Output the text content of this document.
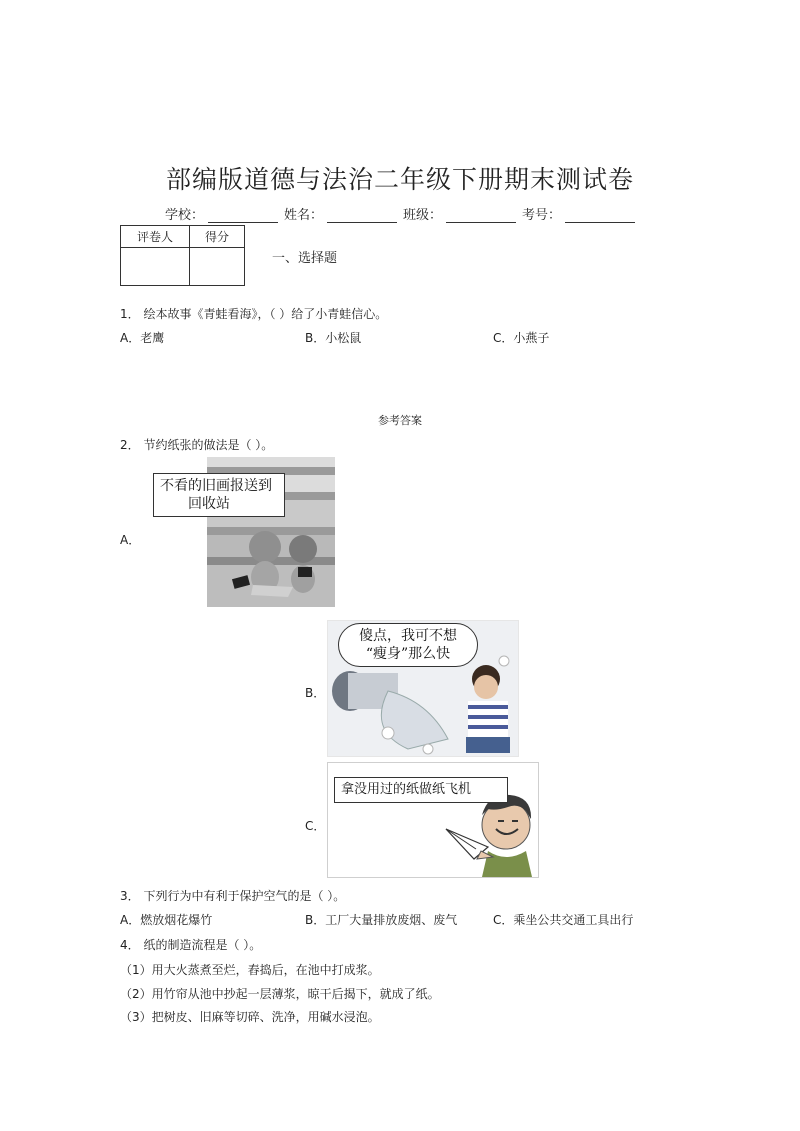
部编版道德与法治二年级下册期末测试卷
学校：	姓名：	班级：	考号：
评卷人	得分

一、选择题
1． 绘本故事《青蛙看海》，（ ）给了小青蛙信心。
A．老鹰	B．小松鼠	C．小燕子
参考答案
2． 节约纸张的做法是（ ）。
A．
不看的旧画报送到
回收站
B．
傻点，我可不想
“瘦身”那么快
C．
拿没用过的纸做纸飞机
3． 下列行为中有利于保护空气的是（ ）。
A．燃放烟花爆竹	B．工厂大量排放废烟、废气	C．乘坐公共交通工具出行
4． 纸的制造流程是（ ）。
（1）用大火蒸煮至烂，舂捣后，在池中打成浆。
（2）用竹帘从池中抄起一层薄浆，晾干后揭下，就成了纸。
（3）把树皮、旧麻等切碎、洗净，用碱水浸泡。
